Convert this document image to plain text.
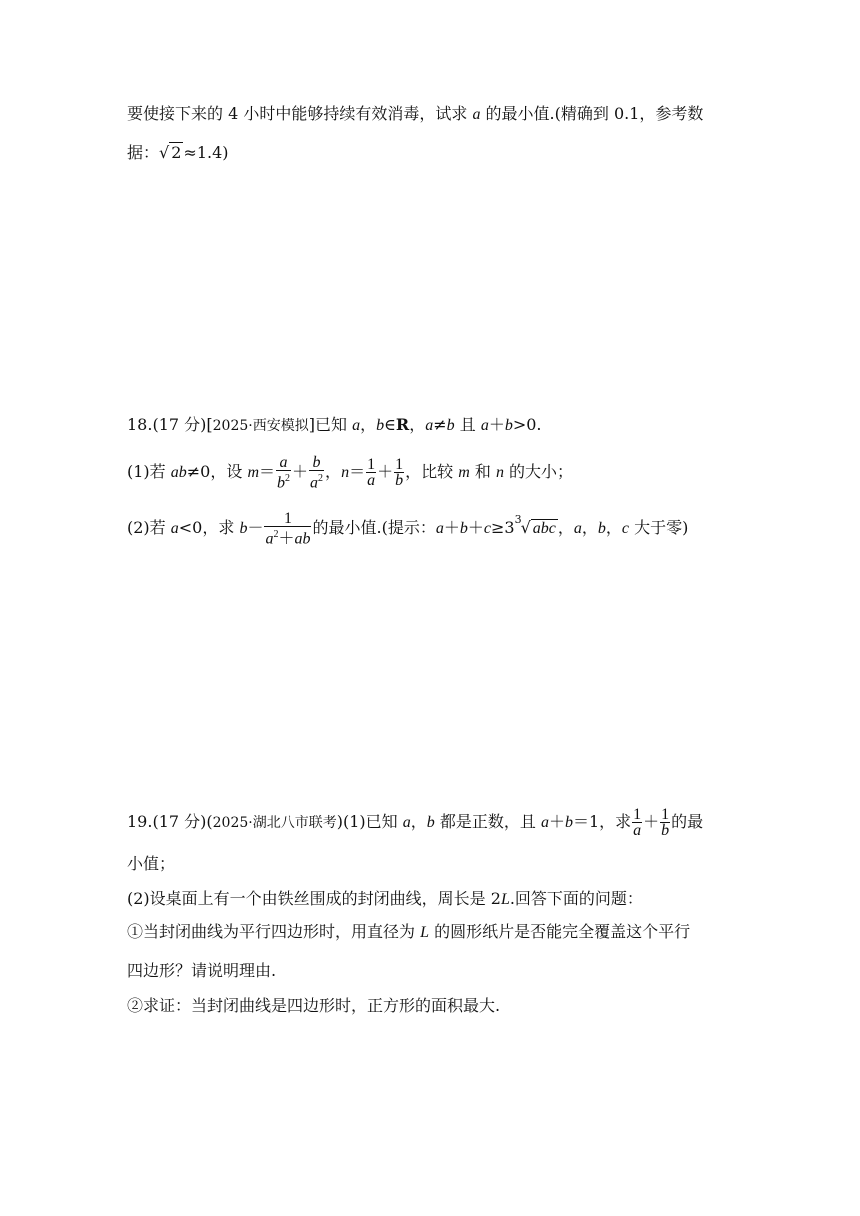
要使接下来的 4 小时中能够持续有效消毒，试求 a 的最小值.(精确到 0.1，参考数
据：√ 2 ≈1.4)
18.(17 分)[2025·西安模拟]已知 a，b∈R，a≠b 且 a＋b>0.
(1)若 ab≠0，设 $m= \frac{a}{b^2} + \frac{b}{a^2}$ ，$n= \frac{1}{a} + \frac{1}{b}$ ，比较 m 和 n 的大小；
(2)若 a<0，求 $b- \frac{1}{a^2+ab}$ 的最小值.(提示：a＋b＋c≥3 3 √ abc ，a，b，c 大于零)
19.(17 分)(2025·湖北八市联考)(1)已知 a，b 都是正数，且 a＋b＝1，求 $\frac{1}{a} + \frac{1}{b}$ 的最
小值；
(2)设桌面上有一个由铁丝围成的封闭曲线，周长是 2L.回答下面的问题：
①当封闭曲线为平行四边形时，用直径为 L 的圆形纸片是否能完全覆盖这个平行
四边形？请说明理由.
②求证：当封闭曲线是四边形时，正方形的面积最大.
